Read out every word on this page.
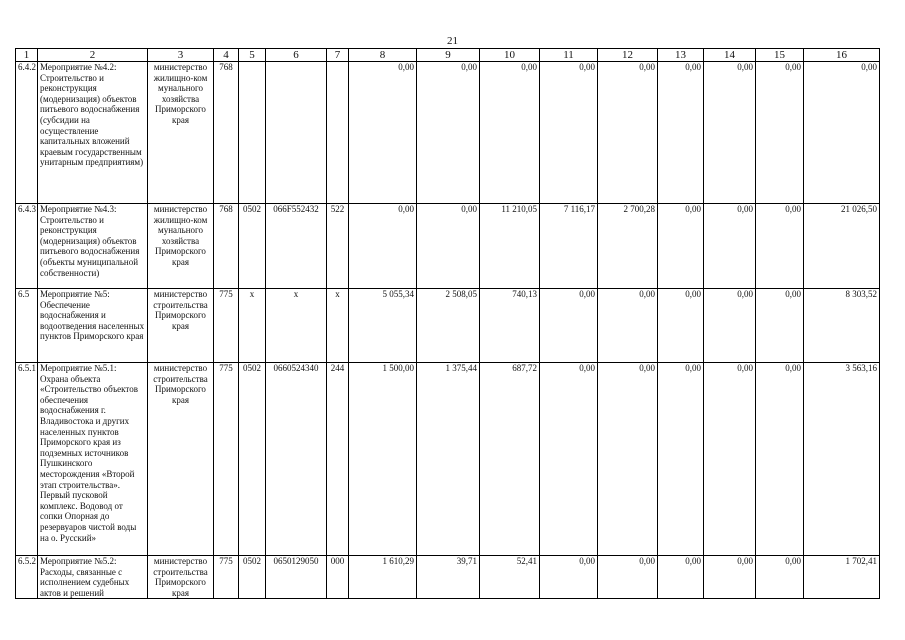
21
1	2	3	4	5	6	7	8	9	10	11	12	13	14	15	16
6.4.2	Мероприятие №4.2: Строительство и реконструкция (модернизация) объектов питьевого водоснабжения (субсидии на осуществление капитальных вложений краевым государственным унитарным предприятиям)	министерство жилищно-ком мунального хозяйства Приморского края	768				0,00	0,00	0,00	0,00	0,00	0,00	0,00	0,00	0,00
6.4.3	Мероприятие №4.3: Строительство и реконструкция (модернизация) объектов питьевого водоснабжения (объекты муниципальной собственности)	министерство жилищно-ком мунального хозяйства Приморского края	768	0502	066F552432	522	0,00	0,00	11 210,05	7 116,17	2 700,28	0,00	0,00	0,00	21 026,50
6.5	Мероприятие №5: Обеспечение водоснабжения и водоотведения населенных пунктов Приморского края	министерство строительства Приморского края	775	x	x	x	5 055,34	2 508,05	740,13	0,00	0,00	0,00	0,00	0,00	8 303,52
6.5.1	Мероприятие №5.1: Охрана объекта «Строительство объектов обеспечения водоснабжения г. Владивостока и других населенных пунктов Приморского края из подземных источников Пушкинского месторождения «Второй этап строительства». Первый пусковой комплекс. Водовод от сопки Опорная до резервуаров чистой воды на о. Русский»	министерство строительства Приморского края	775	0502	0660524340	244	1 500,00	1 375,44	687,72	0,00	0,00	0,00	0,00	0,00	3 563,16
6.5.2	Мероприятие №5.2: Расходы, связанные с исполнением судебных актов и решений	министерство строительства Приморского края	775	0502	0650129050	000	1 610,29	39,71	52,41	0,00	0,00	0,00	0,00	0,00	1 702,41
